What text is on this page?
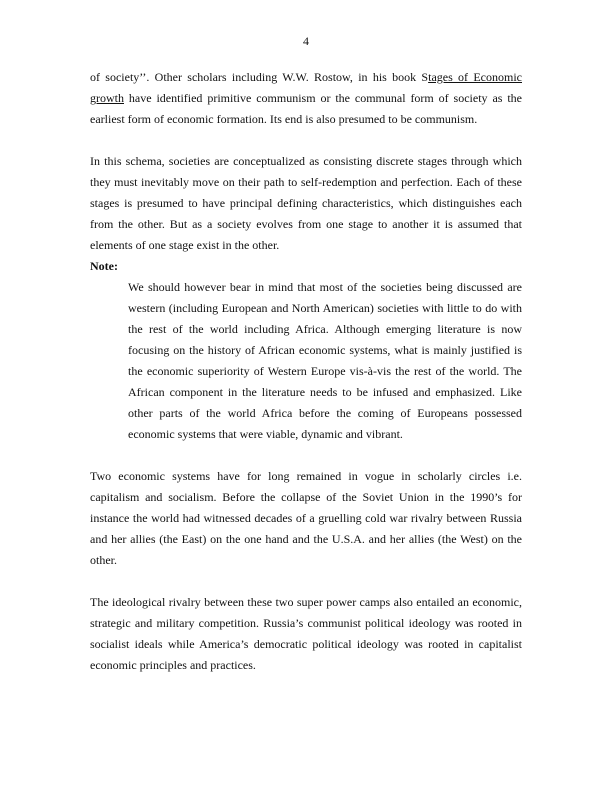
4
of society’’. Other scholars including W.W. Rostow, in his book Stages of Economic
growth have identified primitive communism or the communal form of society as the
earliest form of economic formation. Its end is also presumed to be communism.
In this schema, societies are conceptualized as consisting discrete stages through which
they must inevitably move on their path to self-redemption and perfection. Each of these
stages is presumed to have principal defining characteristics, which distinguishes each
from the other. But as a society evolves from one stage to another it is assumed that
elements of one stage exist in the other.
Note:
We should however bear in mind that most of the societies being discussed are
western (including European and North American) societies with little to do with
the rest of the world including Africa. Although emerging literature is now
focusing on the history of African economic systems, what is mainly justified is
the economic superiority of Western Europe vis-à-vis the rest of the world. The
African component in the literature needs to be infused and emphasized. Like
other parts of the world Africa before the coming of Europeans possessed
economic systems that were viable, dynamic and vibrant.
Two economic systems have for long remained in vogue in scholarly circles i.e.
capitalism and socialism. Before the collapse of the Soviet Union in the 1990’s for
instance the world had witnessed decades of a gruelling cold war rivalry between Russia
and her allies (the East) on the one hand and the U.S.A. and her allies (the West) on the
other.
The ideological rivalry between these two super power camps also entailed an economic,
strategic and military competition. Russia’s communist political ideology was rooted in
socialist ideals while America’s democratic political ideology was rooted in capitalist
economic principles and practices.
